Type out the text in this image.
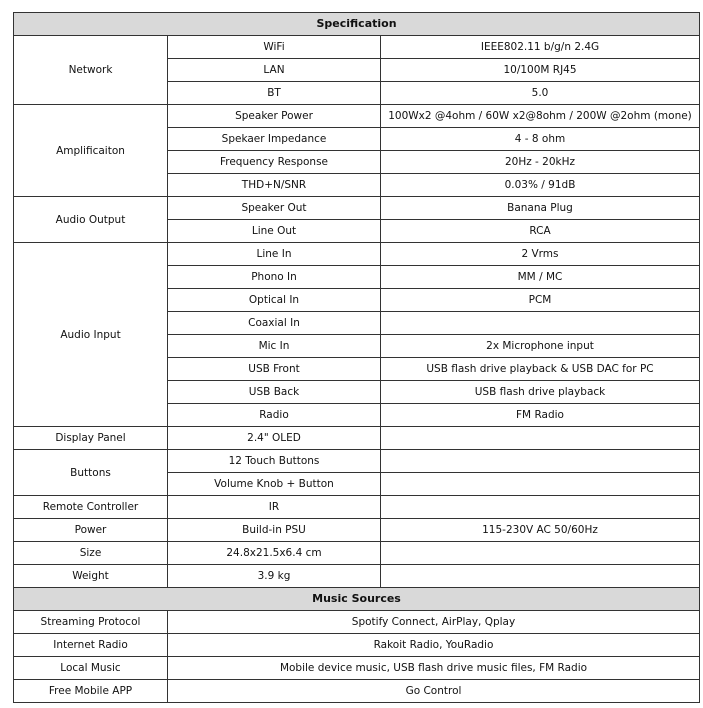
Specification		
Network	WiFi	IEEE802.11 b/g/n 2.4G
	LAN	10/100M RJ45
	BT	5.0
Amplificaiton	Speaker Power	100Wx2 @4ohm / 60W x2@8ohm / 200W @2ohm (mone)
	Spekaer Impedance	4 - 8 ohm
	Frequency Response	20Hz - 20kHz
	THD+N/SNR	0.03% / 91dB
Audio Output	Speaker Out	Banana Plug
	Line Out	RCA
Audio Input	Line In	2 Vrms
	Phono In	MM / MC
	Optical In	PCM
	Coaxial In	
	Mic In	2x Microphone input
	USB Front	USB flash drive playback & USB DAC for PC
	USB Back	USB flash drive playback
	Radio	FM Radio
Display Panel	2.4" OLED	
Buttons	12 Touch Buttons	
	Volume Knob + Button	
Remote Controller	IR	
Power	Build-in PSU	115-230V AC 50/60Hz
Size	24.8x21.5x6.4 cm	
Weight	3.9 kg	
Music Sources		
Streaming Protocol	Spotify Connect, AirPlay, Qplay	
Internet Radio	Rakoit Radio, YouRadio	
Local Music	Mobile device music, USB flash drive music files, FM Radio	
Free Mobile APP	Go Control	
